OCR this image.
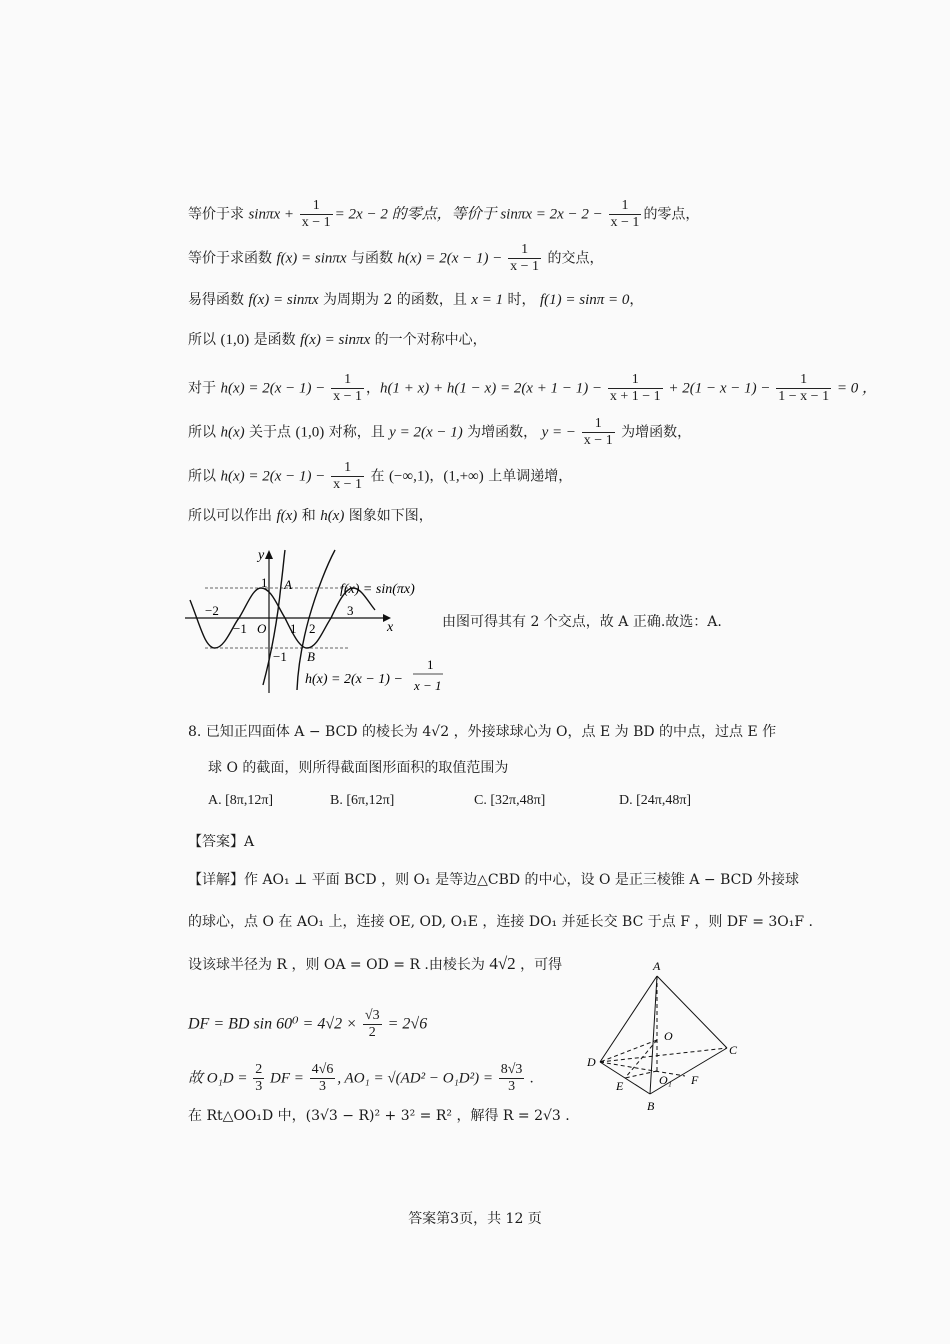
等价于求 $\sin\pi x + \frac{1}{x - 1} = 2x - 2$ 的零点，等价于 $\sin\pi x = 2x - 2 - \frac{1}{x - 1}$ 的零点，
等价于求函数 f(x) = sinπx 与函数 $h(x) = 2(x - 1) - \frac{1}{x - 1}$ 的交点，
易得函数 f(x) = sinπx 为周期为 2 的函数，且 x = 1 时， f(1) = sinπ = 0，
所以 (1,0) 是函数 f(x) = sinπx 的一个对称中心，
对于 $h(x) = 2(x - 1) - \frac{1}{x - 1}$ ，$h(1 + x) + h(1 - x) = 2(x + 1 - 1) - \frac{1}{x + 1 - 1} + 2(1 - x - 1) - \frac{1}{1 - x - 1} = 0$ ，
所以 h(x) 关于点 (1,0) 对称，且 y = 2(x − 1) 为增函数， y = − $\frac{1}{x - 1}$ 为增函数，
所以 $h(x) = 2(x - 1) - \frac{1}{x - 1}$ 在 (−∞,1)，(1,+∞) 上单调递增，
所以可以作出 f(x) 和 h(x) 图象如下图，
y
x
O
1
−1
−2
−1	1 2
3
A
B
f(x) = sin(πx)
h(x) = 2(x − 1) −
1
x − 1
由图可得其有 2 个交点，故 A 正确.故选：A.
8. 已知正四面体 A − BCD 的棱长为 4√2 ，外接球球心为 O，点 E 为 BD 的中点，过点 E 作
球 O 的截面，则所得截面图形面积的取值范围为
A. [8π,12π]	B. [6π,12π]	C. [32π,48π]	D. [24π,48π]
【答案】A
【详解】作 AO₁ ⊥ 平面 BCD ，则 O₁ 是等边△CBD 的中心，设 O 是正三棱锥 A − BCD 外接球
的球心，点 O 在 AO₁ 上，连接 OE, OD, O₁E ，连接 DO₁ 并延长交 BC 于点 F ，则 DF = 3O₁F .
设该球半径为 R ，则 OA = OD = R .由棱长为 4√2 ，可得
DF = BD $\sin 60^0 = 4√2 \times \frac{√3}{2} = 2√6$
故 $O_1D = \frac{2}{3}$ DF = $\frac{4√6}{3}$ , $AO_1 = √(AD^2 - O_1D^2) = \frac{8√3}{3}$ .
在 Rt△OO₁D 中，(3√3 − R)² + 3² = R² ，解得 R = 2√3 .
A
B
C
D
E	F
O
O₁
答案第3页，共 12 页
